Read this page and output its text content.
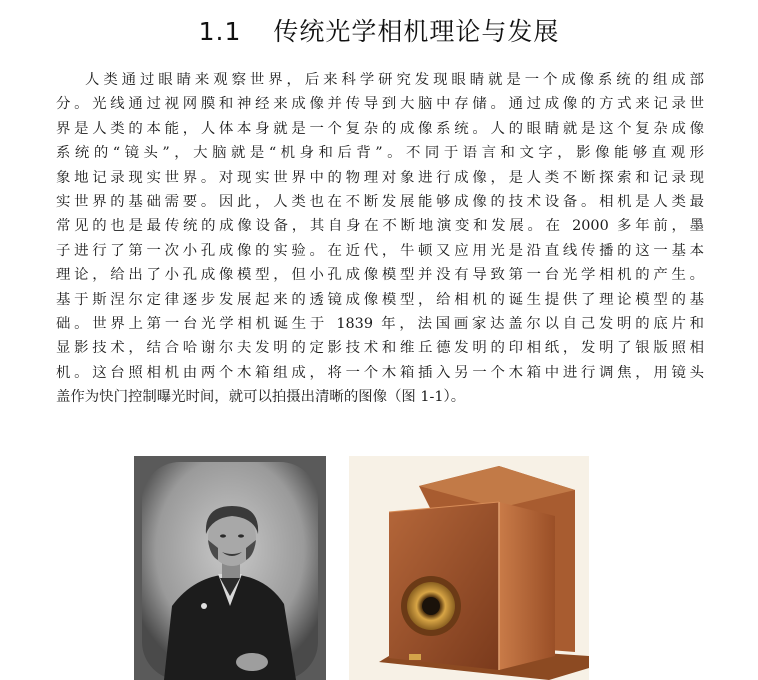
1.1 传统光学相机理论与发展
人类通过眼睛来观察世界，后来科学研究发现眼睛就是一个成像系统的组成部
分。光线通过视网膜和神经来成像并传导到大脑中存储。通过成像的方式来记录世
界是人类的本能，人体本身就是一个复杂的成像系统。人的眼睛就是这个复杂成像
系统的“镜头”，大脑就是“机身和后背”。不同于语言和文字，影像能够直观形
象地记录现实世界。对现实世界中的物理对象进行成像，是人类不断探索和记录现
实世界的基础需要。因此，人类也在不断发展能够成像的技术设备。相机是人类最
常见的也是最传统的成像设备，其自身在不断地演变和发展。在 2000 多年前，墨
子进行了第一次小孔成像的实验。在近代，牛顿又应用光是沿直线传播的这一基本
理论，给出了小孔成像模型，但小孔成像模型并没有导致第一台光学相机的产生。
基于斯涅尔定律逐步发展起来的透镜成像模型，给相机的诞生提供了理论模型的基
础。世界上第一台光学相机诞生于 1839 年，法国画家达盖尔以自己发明的底片和
显影技术，结合哈谢尔夫发明的定影技术和维丘德发明的印相纸，发明了银版照相
机。这台照相机由两个木箱组成，将一个木箱插入另一个木箱中进行调焦，用镜头
盖作为快门控制曝光时间，就可以拍摄出清晰的图像（图 1-1）。
